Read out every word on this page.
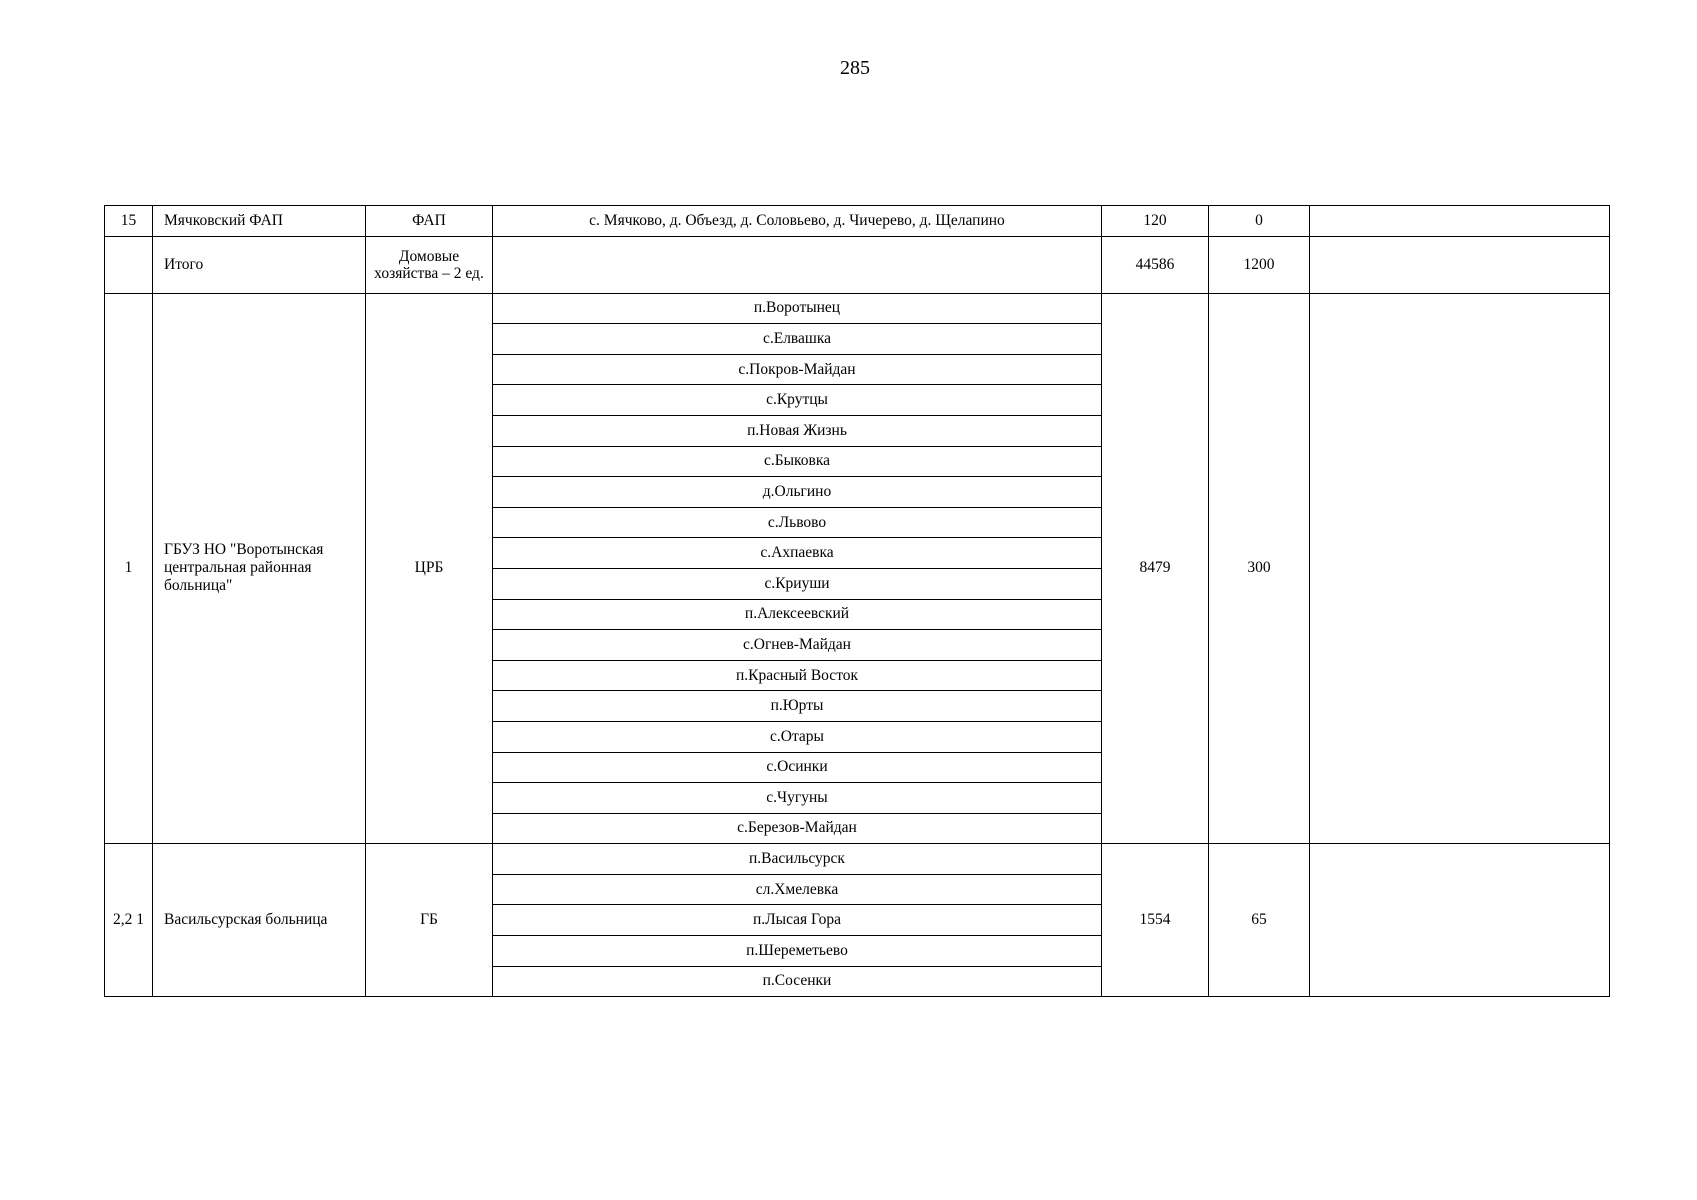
285
15	Мячковский ФАП	ФАП	с. Мячково, д. Объезд, д. Соловьево, д. Чичерево, д. Щелапино	120	0	
	Итого	Домовые хозяйства – 2 ед.		44586	1200	
1	ГБУЗ НО "Воротынская центральная районная больница"	ЦРБ	п.Воротынец	8479	300	
			с.Елвашка			
			с.Покров-Майдан			
			с.Крутцы			
			п.Новая Жизнь			
			с.Быковка			
			д.Ольгино			
			с.Львово			
			с.Ахпаевка			
			с.Криуши			
			п.Алексеевский			
			с.Огнев-Майдан			
			п.Красный Восток			
			п.Юрты			
			с.Отары			
			с.Осинки			
			с.Чугуны			
			с.Березов-Майдан			
2,2 1	Васильсурская больница	ГБ	п.Васильсурск	1554	65	
			сл.Хмелевка			
			п.Лысая Гора			
			п.Шереметьево			
			п.Сосенки			
